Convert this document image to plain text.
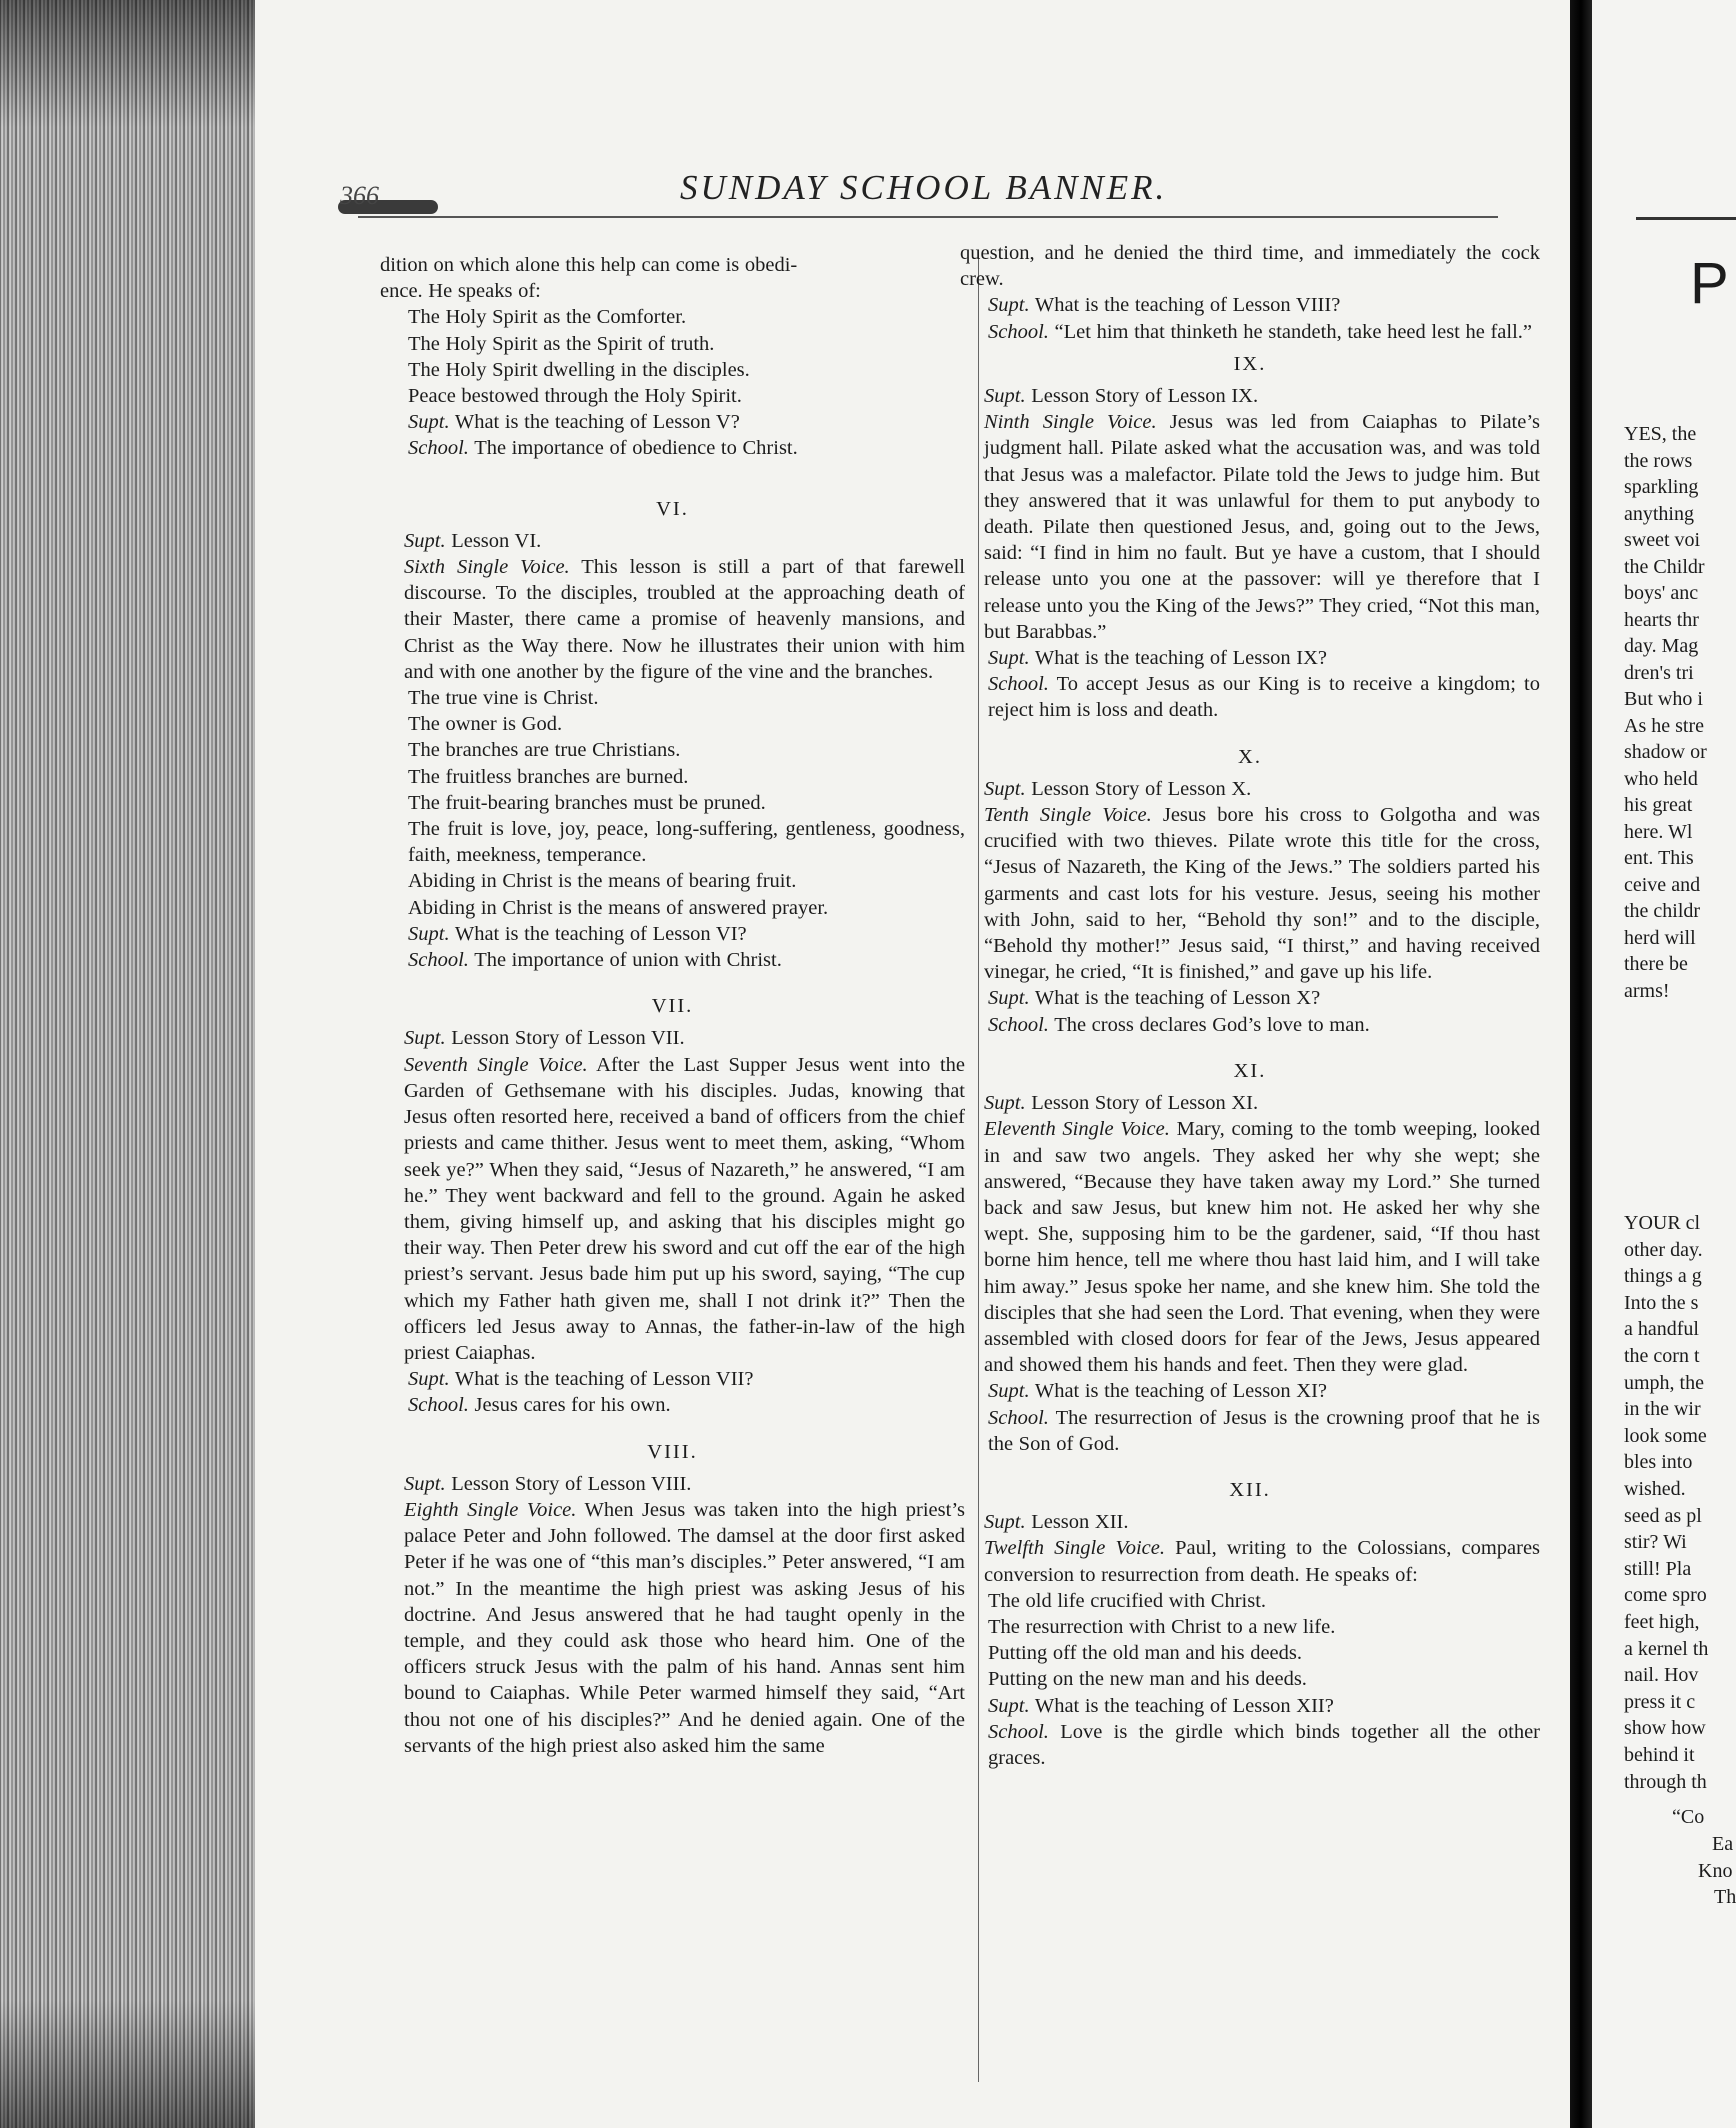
366	SUNDAY SCHOOL BANNER.

dition on which alone this help can come is obedi-

ence. He speaks of:

The Holy Spirit as the Comforter.

The Holy Spirit as the Spirit of truth.

The Holy Spirit dwelling in the disciples.

Peace bestowed through the Holy Spirit.

Supt. What is the teaching of Lesson V?

School. The importance of obedience to Christ.

VI.

Supt. Lesson VI.

Sixth Single Voice. This lesson is still a part of that farewell discourse. To the disciples, troubled at the approaching death of their Master, there came a promise of heavenly mansions, and Christ as the Way there. Now he illustrates their union with him and with one another by the figure of the vine and the branches.

The true vine is Christ.

The owner is God.

The branches are true Christians.

The fruitless branches are burned.

The fruit-bearing branches must be pruned.

The fruit is love, joy, peace, long-suffering, gentleness, goodness, faith, meekness, temperance.

Abiding in Christ is the means of bearing fruit.

Abiding in Christ is the means of answered prayer.

Supt. What is the teaching of Lesson VI?

School. The importance of union with Christ.

VII.

Supt. Lesson Story of Lesson VII.

Seventh Single Voice. After the Last Supper Jesus went into the Garden of Gethsemane with his disciples. Judas, knowing that Jesus often resorted here, received a band of officers from the chief priests and came thither. Jesus went to meet them, asking, “Whom seek ye?” When they said, “Jesus of Nazareth,” he answered, “I am he.” They went backward and fell to the ground. Again he asked them, giving himself up, and asking that his disciples might go their way. Then Peter drew his sword and cut off the ear of the high priest’s servant. Jesus bade him put up his sword, saying, “The cup which my Father hath given me, shall I not drink it?” Then the officers led Jesus away to Annas, the father-in-law of the high priest Caiaphas.

Supt. What is the teaching of Lesson VII?

School. Jesus cares for his own.

VIII.

Supt. Lesson Story of Lesson VIII.

Eighth Single Voice. When Jesus was taken into the high priest’s palace Peter and John followed. The damsel at the door first asked Peter if he was one of “this man’s disciples.” Peter answered, “I am not.” In the meantime the high priest was asking Jesus of his doctrine. And Jesus answered that he had taught openly in the temple, and they could ask those who heard him. One of the officers struck Jesus with the palm of his hand. Annas sent him bound to Caiaphas. While Peter warmed himself they said, “Art thou not one of his disciples?” And he denied again. One of the servants of the high priest also asked him the same

question, and he denied the third time, and immediately the cock crew.

Supt. What is the teaching of Lesson VIII?

School. “Let him that thinketh he standeth, take heed lest he fall.”

IX.

Supt. Lesson Story of Lesson IX.

Ninth Single Voice. Jesus was led from Caiaphas to Pilate’s judgment hall. Pilate asked what the accusation was, and was told that Jesus was a malefactor. Pilate told the Jews to judge him. But they answered that it was unlawful for them to put anybody to death. Pilate then questioned Jesus, and, going out to the Jews, said: “I find in him no fault. But ye have a custom, that I should release unto you one at the passover: will ye therefore that I release unto you the King of the Jews?” They cried, “Not this man, but Barabbas.”

Supt. What is the teaching of Lesson IX?

School. To accept Jesus as our King is to receive a kingdom; to reject him is loss and death.

X.

Supt. Lesson Story of Lesson X.

Tenth Single Voice. Jesus bore his cross to Golgotha and was crucified with two thieves. Pilate wrote this title for the cross, “Jesus of Nazareth, the King of the Jews.” The soldiers parted his garments and cast lots for his vesture. Jesus, seeing his mother with John, said to her, “Behold thy son!” and to the disciple, “Behold thy mother!” Jesus said, “I thirst,” and having received vinegar, he cried, “It is finished,” and gave up his life.

Supt. What is the teaching of Lesson X?

School. The cross declares God’s love to man.

XI.

Supt. Lesson Story of Lesson XI.

Eleventh Single Voice. Mary, coming to the tomb weeping, looked in and saw two angels. They asked her why she wept; she answered, “Because they have taken away my Lord.” She turned back and saw Jesus, but knew him not. He asked her why she wept. She, supposing him to be the gardener, said, “If thou hast borne him hence, tell me where thou hast laid him, and I will take him away.” Jesus spoke her name, and she knew him. She told the disciples that she had seen the Lord. That evening, when they were assembled with closed doors for fear of the Jews, Jesus appeared and showed them his hands and feet. Then they were glad.

Supt. What is the teaching of Lesson XI?

School. The resurrection of Jesus is the crowning proof that he is the Son of God.

XII.

Supt. Lesson XII.

Twelfth Single Voice. Paul, writing to the Colossians, compares conversion to resurrection from death. He speaks of:

The old life crucified with Christ.

The resurrection with Christ to a new life.

Putting off the old man and his deeds.

Putting on the new man and his deeds.

Supt. What is the teaching of Lesson XII?

School. Love is the girdle which binds together all the other graces.

YES, the
the rows
sparkling
anything
sweet voi
the Childr
boys' anc
hearts thr
day. Mag
dren's tri
But who i
As he stre
shadow or
who held
his great
here. Wl
ent. This
ceive and
the childr
herd will
there be
arms!
YOUR cl
other day.
things a g
Into the s
a handful
the corn t
umph, the
in the wir
look some
bles into
wished.
seed as pl
stir? Wi
still! Pla
come spro
feet high,
a kernel th
nail. Hov
press it c
show how
behind it
through th
“Co
Ea
Kno
Th
P
